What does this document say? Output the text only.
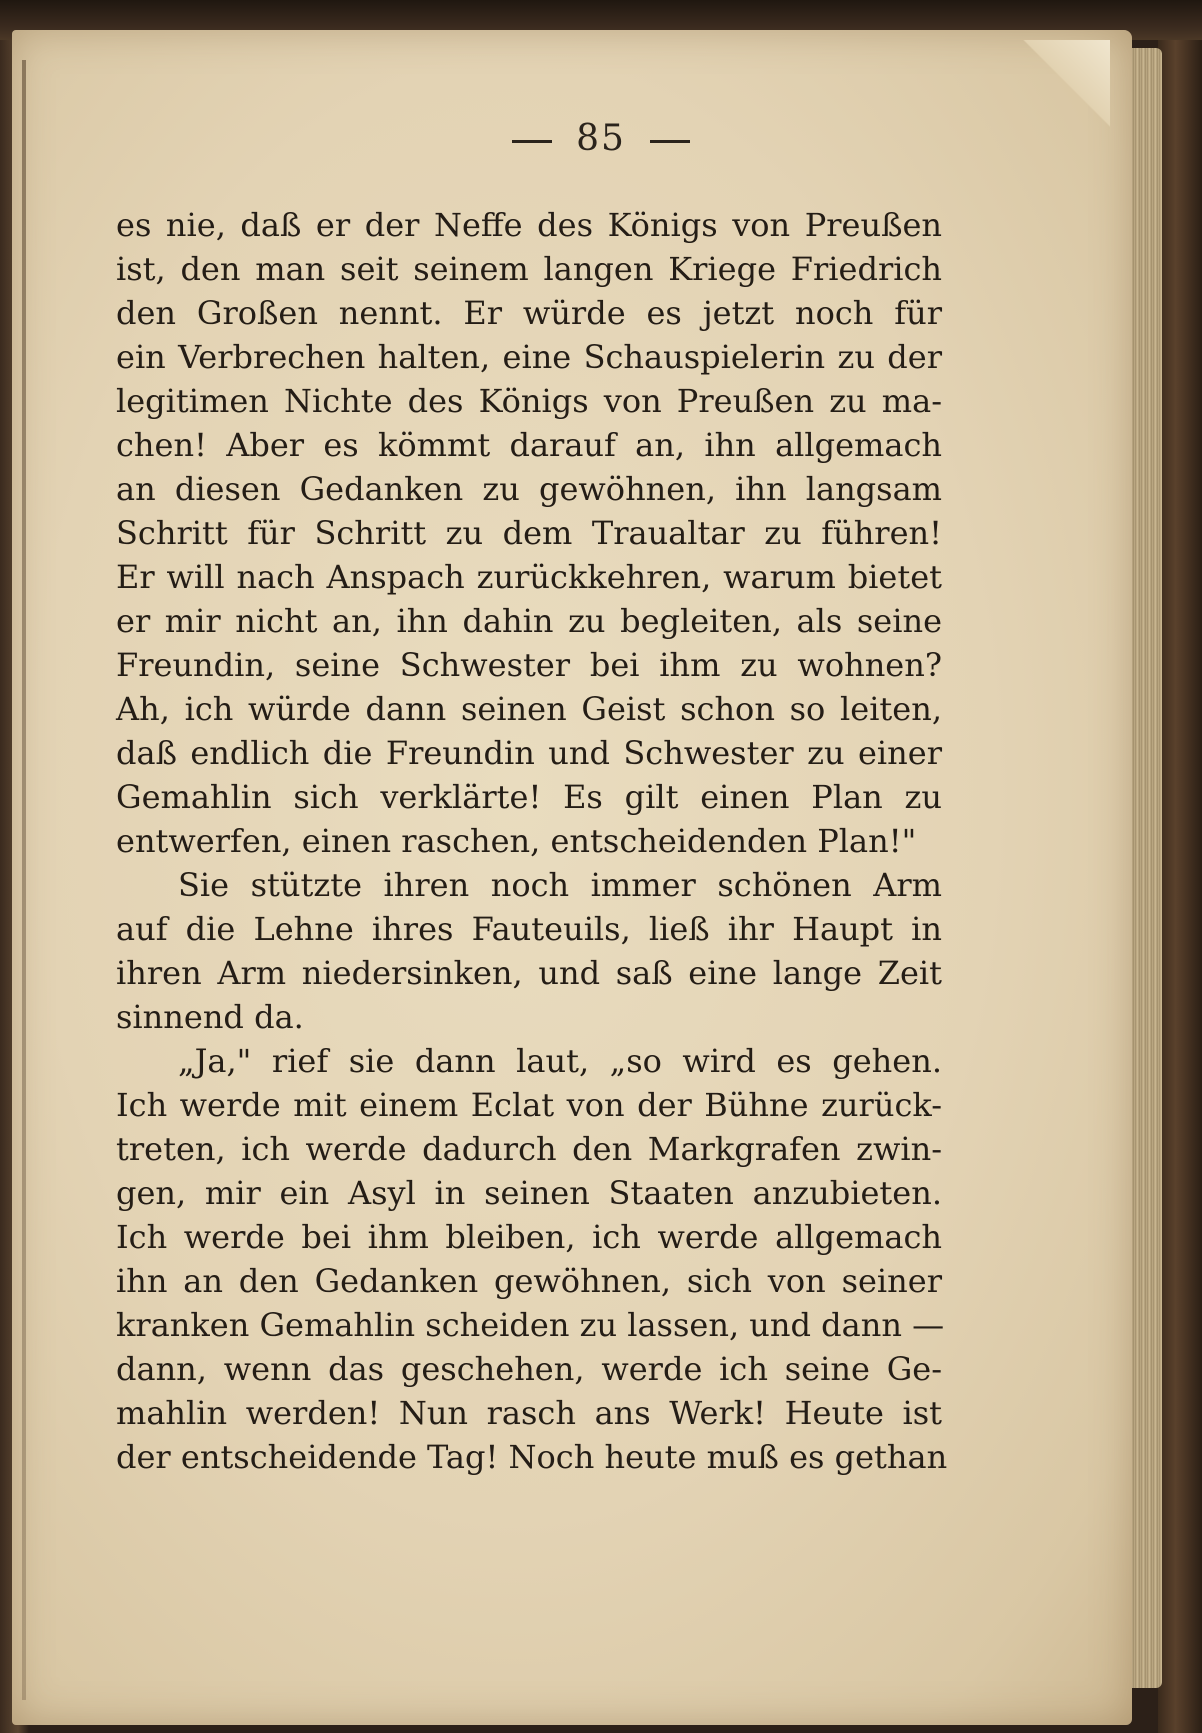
85
es nie, daß er der Neffe des Königs von Preußen
ist, den man seit seinem langen Kriege Friedrich
den Großen nennt. Er würde es jetzt noch für
ein Verbrechen halten, eine Schauspielerin zu der
legitimen Nichte des Königs von Preußen zu ma-
chen! Aber es kömmt darauf an, ihn allgemach
an diesen Gedanken zu gewöhnen, ihn langsam
Schritt für Schritt zu dem Traualtar zu führen!
Er will nach Anspach zurückkehren, warum bietet
er mir nicht an, ihn dahin zu begleiten, als seine
Freundin, seine Schwester bei ihm zu wohnen?
Ah, ich würde dann seinen Geist schon so leiten,
daß endlich die Freundin und Schwester zu einer
Gemahlin sich verklärte! Es gilt einen Plan zu
entwerfen, einen raschen, entscheidenden Plan!"
Sie stützte ihren noch immer schönen Arm
auf die Lehne ihres Fauteuils, ließ ihr Haupt in
ihren Arm niedersinken, und saß eine lange Zeit
sinnend da.
„Ja," rief sie dann laut, „so wird es gehen.
Ich werde mit einem Eclat von der Bühne zurück-
treten, ich werde dadurch den Markgrafen zwin-
gen, mir ein Asyl in seinen Staaten anzubieten.
Ich werde bei ihm bleiben, ich werde allgemach
ihn an den Gedanken gewöhnen, sich von seiner
kranken Gemahlin scheiden zu lassen, und dann —
dann, wenn das geschehen, werde ich seine Ge-
mahlin werden! Nun rasch ans Werk! Heute ist
der entscheidende Tag! Noch heute muß es gethan
